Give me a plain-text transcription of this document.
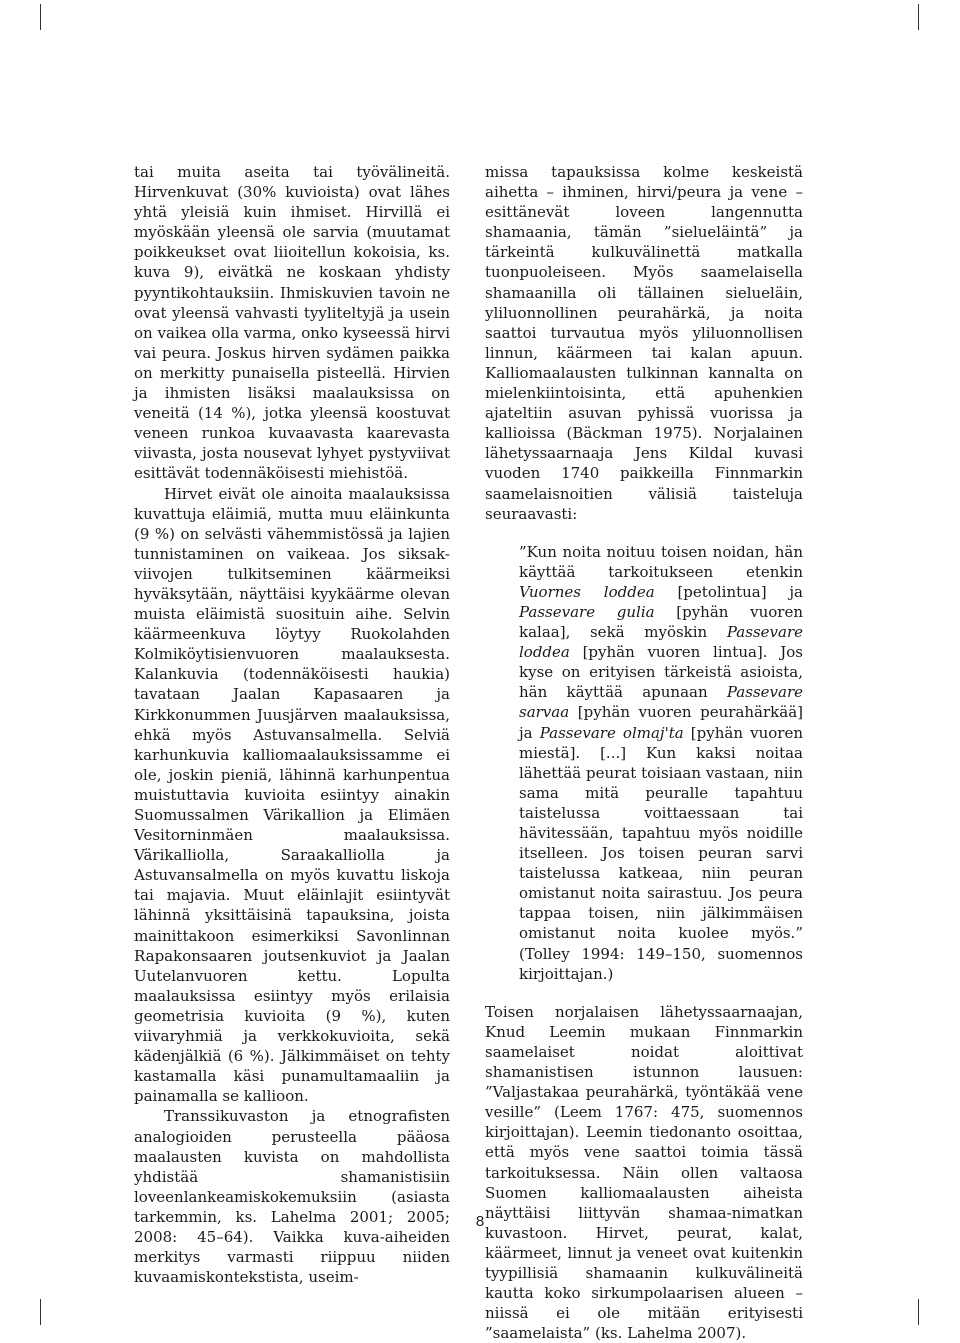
tai muita aseita tai työvälineitä. Hirvenkuvat (30% kuvioista) ovat lähes yhtä yleisiä kuin ihmiset. Hirvillä ei myöskään yleensä ole sarvia (muutamat poikkeukset ovat liioitellun kokoisia, ks. kuva 9), eivätkä ne koskaan yhdisty pyyntikohtauksiin. Ihmiskuvien tavoin ne ovat yleensä vahvasti tyyliteltyjä ja usein on vaikea olla varma, onko kyseessä hirvi vai peura. Joskus hirven sydämen paikka on merkitty punaisella pisteellä. Hirvien ja ihmisten lisäksi maalauksissa on veneitä (14 %), jotka yleensä koostuvat veneen runkoa kuvaavasta kaarevasta viivasta, josta nousevat lyhyet pystyviivat esittävät todennäköisesti miehistöä.

Hirvet eivät ole ainoita maalauksissa kuvattuja eläimiä, mutta muu eläinkunta (9 %) on selvästi vähemmistössä ja lajien tunnistaminen on vaikeaa. Jos siksak-viivojen tulkitseminen käärmeiksi hyväksytään, näyttäisi kyykäärme olevan muista eläimistä suosituin aihe. Selvin käärmeenkuva löytyy Ruokolahden Kolmiköytisienvuoren maalauksesta. Kalankuvia (todennäköisesti haukia) tavataan Jaalan Kapasaaren ja Kirkkonummen Juusjärven maalauksissa, ehkä myös Astuvansalmella. Selviä karhunkuvia kalliomaalauksissamme ei ole, joskin pieniä, lähinnä karhunpentua muistuttavia kuvioita esiintyy ainakin Suomussalmen Värikallion ja Elimäen Vesitorninmäen maalauksissa. Värikalliolla, Saraakalliolla ja Astuvansalmella on myös kuvattu liskoja tai majavia. Muut eläinlajit esiintyvät lähinnä yksittäisinä tapauksina, joista mainittakoon esimerkiksi Savonlinnan Rapakonsaaren joutsenkuviot ja Jaalan Uutelanvuoren kettu. Lopulta maalauksissa esiintyy myös erilaisia geometrisia kuvioita (9 %), kuten viivaryhmiä ja verkkokuvioita, sekä kädenjälkiä (6 %). Jälkimmäiset on tehty kastamalla käsi punamultamaaliin ja painamalla se kallioon.

Transsikuvaston ja etnografisten analogioiden perusteella pääosa maalausten kuvista on mahdollista yhdistää shamanistisiin loveenlankeamiskokemuksiin (asiasta tarkemmin, ks. Lahelma 2001; 2005; 2008: 45–64). Vaikka kuva-aiheiden merkitys varmasti riippuu niiden kuvaamiskontekstista, useim-

missa tapauksissa kolme keskeistä aihetta – ihminen, hirvi/peura ja vene – esittänevät loveen langennutta shamaania, tämän ”sielueläintä” ja tärkeintä kulkuvälinettä matkalla tuonpuoleiseen. Myös saamelaisella shamaanilla oli tällainen sielueläin, yliluonnollinen peurahärkä, ja noita saattoi turvautua myös yliluonnollisen linnun, käärmeen tai kalan apuun. Kalliomaalausten tulkinnan kannalta on mielenkiintoisinta, että apuhenkien ajateltiin asuvan pyhissä vuorissa ja kallioissa (Bäckman 1975). Norjalainen lähetyssaarnaaja Jens Kildal kuvasi vuoden 1740 paikkeilla Finnmarkin saamelaisnoitien välisiä taisteluja seuraavasti:

”Kun noita noituu toisen noidan, hän käyttää tarkoitukseen etenkin Vuornes loddea [petolintua] ja Passevare gulia [pyhän vuoren kalaa], sekä myöskin Passevare loddea [pyhän vuoren lintua]. Jos kyse on erityisen tärkeistä asioista, hän käyttää apunaan Passevare sarvaa [pyhän vuoren peurahärkää] ja Passevare olmaj'ta [pyhän vuoren miestä]. [...] Kun kaksi noitaa lähettää peurat toisiaan vastaan, niin sama mitä peuralle tapahtuu taistelussa voittaessaan tai hävitessään, tapahtuu myös noidille itselleen. Jos toisen peuran sarvi taistelussa katkeaa, niin peuran omistanut noita sairastuu. Jos peura tappaa toisen, niin jälkimmäisen omistanut noita kuolee myös.” (Tolley 1994: 149–150, suomennos kirjoittajan.)

Toisen norjalaisen lähetyssaarnaajan, Knud Leemin mukaan Finnmarkin saamelaiset noidat aloittivat shamanistisen istunnon lausuen: ”Valjastakaa peurahärkä, työntäkää vene vesille” (Leem 1767: 475, suomennos kirjoittajan). Leemin tiedonanto osoittaa, että myös vene saattoi toimia tässä tarkoituksessa. Näin ollen valtaosa Suomen kalliomaalausten aiheista näyttäisi liittyvän shamaa-nimatkan kuvastoon. Hirvet, peurat, kalat, käärmeet, linnut ja veneet ovat kuitenkin tyypillisiä shamaanin kulkuvälineitä kautta koko sirkumpolaarisen alueen – niissä ei ole mitään erityisesti ”saamelaista” (ks. Lahelma 2007).

8
